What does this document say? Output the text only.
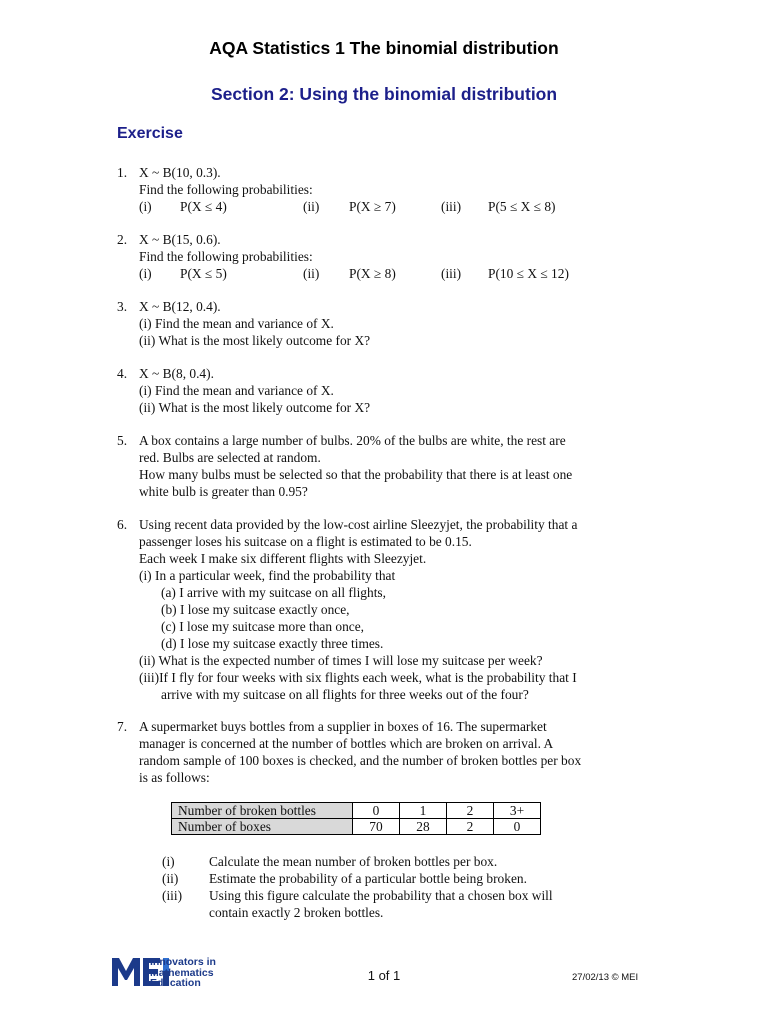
AQA Statistics 1 The binomial distribution
Section 2: Using the binomial distribution
Exercise
1. X ~ B(10, 0.3).
Find the following probabilities:
(i) P(X ≤ 4)	(ii) P(X ≥ 7)	(iii) P(5 ≤ X ≤ 8)
2. X ~ B(15, 0.6).
Find the following probabilities:
(i) P(X ≤ 5)	(ii) P(X ≥ 8)	(iii) P(10 ≤ X ≤ 12)
3. X ~ B(12, 0.4).
(i) Find the mean and variance of X.
(ii) What is the most likely outcome for X?
4. X ~ B(8, 0.4).
(i) Find the mean and variance of X.
(ii) What is the most likely outcome for X?
5. A box contains a large number of bulbs. 20% of the bulbs are white, the rest are
red. Bulbs are selected at random.
How many bulbs must be selected so that the probability that there is at least one
white bulb is greater than 0.95?
6. Using recent data provided by the low-cost airline Sleezyjet, the probability that a
passenger loses his suitcase on a flight is estimated to be 0.15.
Each week I make six different flights with Sleezyjet.
(i) In a particular week, find the probability that
(a) I arrive with my suitcase on all flights,
(b) I lose my suitcase exactly once,
(c) I lose my suitcase more than once,
(d) I lose my suitcase exactly three times.
(ii) What is the expected number of times I will lose my suitcase per week?
(iii)If I fly for four weeks with six flights each week, what is the probability that I
arrive with my suitcase on all flights for three weeks out of the four?
7. A supermarket buys bottles from a supplier in boxes of 16. The supermarket
manager is concerned at the number of bottles which are broken on arrival. A
random sample of 100 boxes is checked, and the number of broken bottles per box
is as follows:
Number of broken bottles	0	1	2	3+
Number of boxes	70	28	2	0
(i)	Calculate the mean number of broken bottles per box.
(ii) Estimate the probability of a particular bottle being broken.
(iii) Using this figure calculate the probability that a chosen box will
contain exactly 2 broken bottles.
Innovators in
Mathematics
Education	1 of 1	27/02/13 © MEI
